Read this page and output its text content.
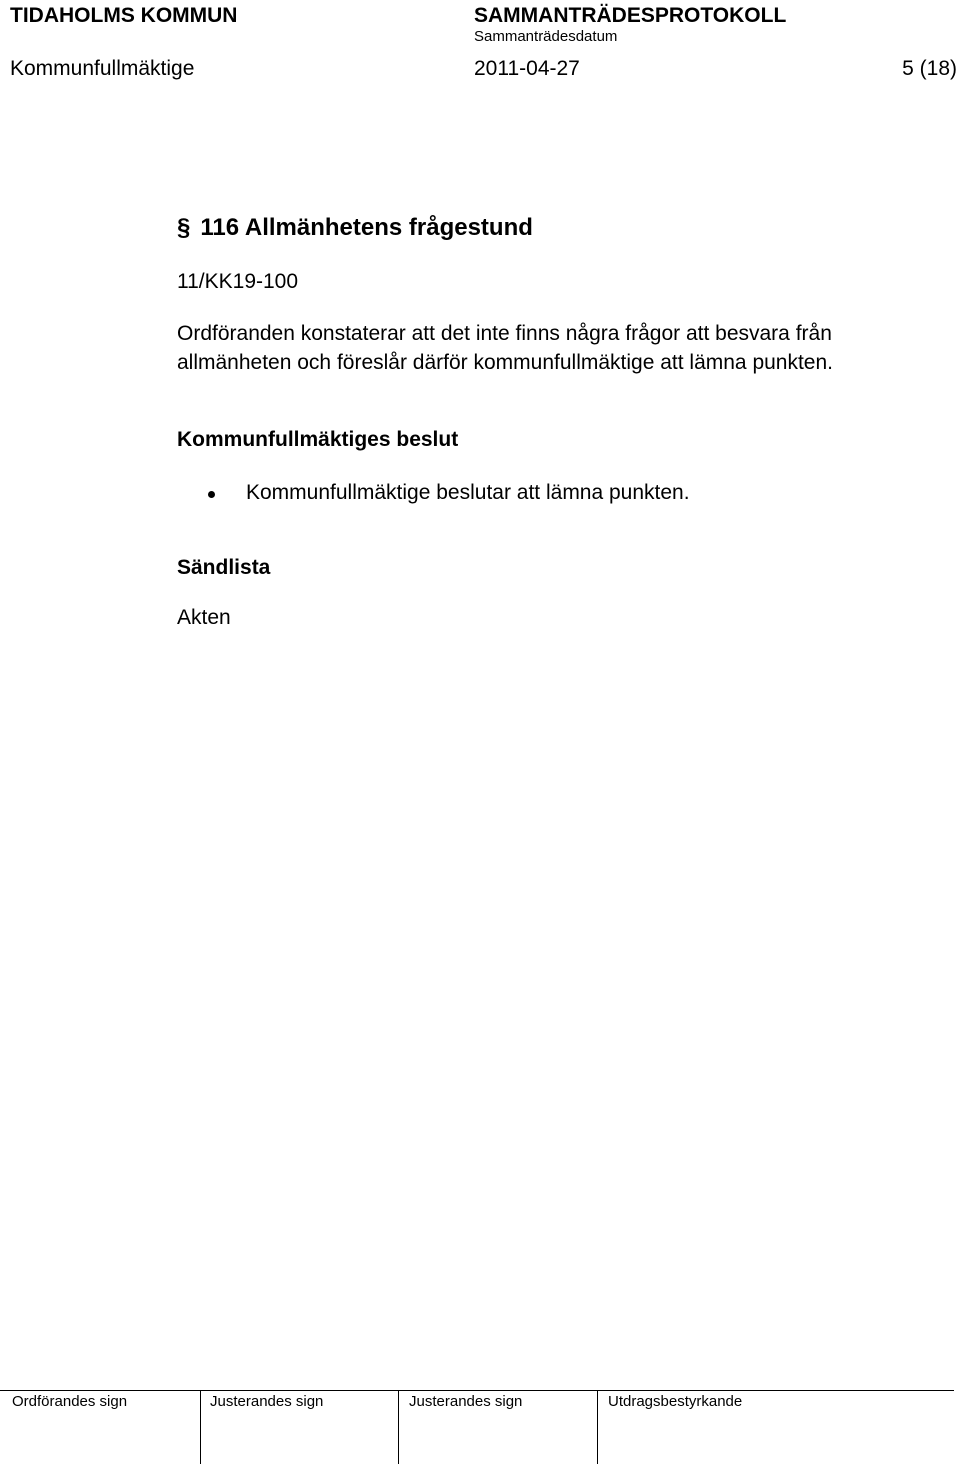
TIDAHOLMS KOMMUN	SAMMANTRÄDESPROTOKOLL
Sammanträdesdatum
Kommunfullmäktige	2011-04-27	5 (18)
§ 116 Allmänhetens frågestund
11/KK19-100
Ordföranden konstaterar att det inte finns några frågor att besvara från
allmänheten och föreslår därför kommunfullmäktige att lämna punkten.
Kommunfullmäktiges beslut
Kommunfullmäktige beslutar att lämna punkten.
Sändlista
Akten
Ordförandes sign	Justerandes sign	Justerandes sign	Utdragsbestyrkande
